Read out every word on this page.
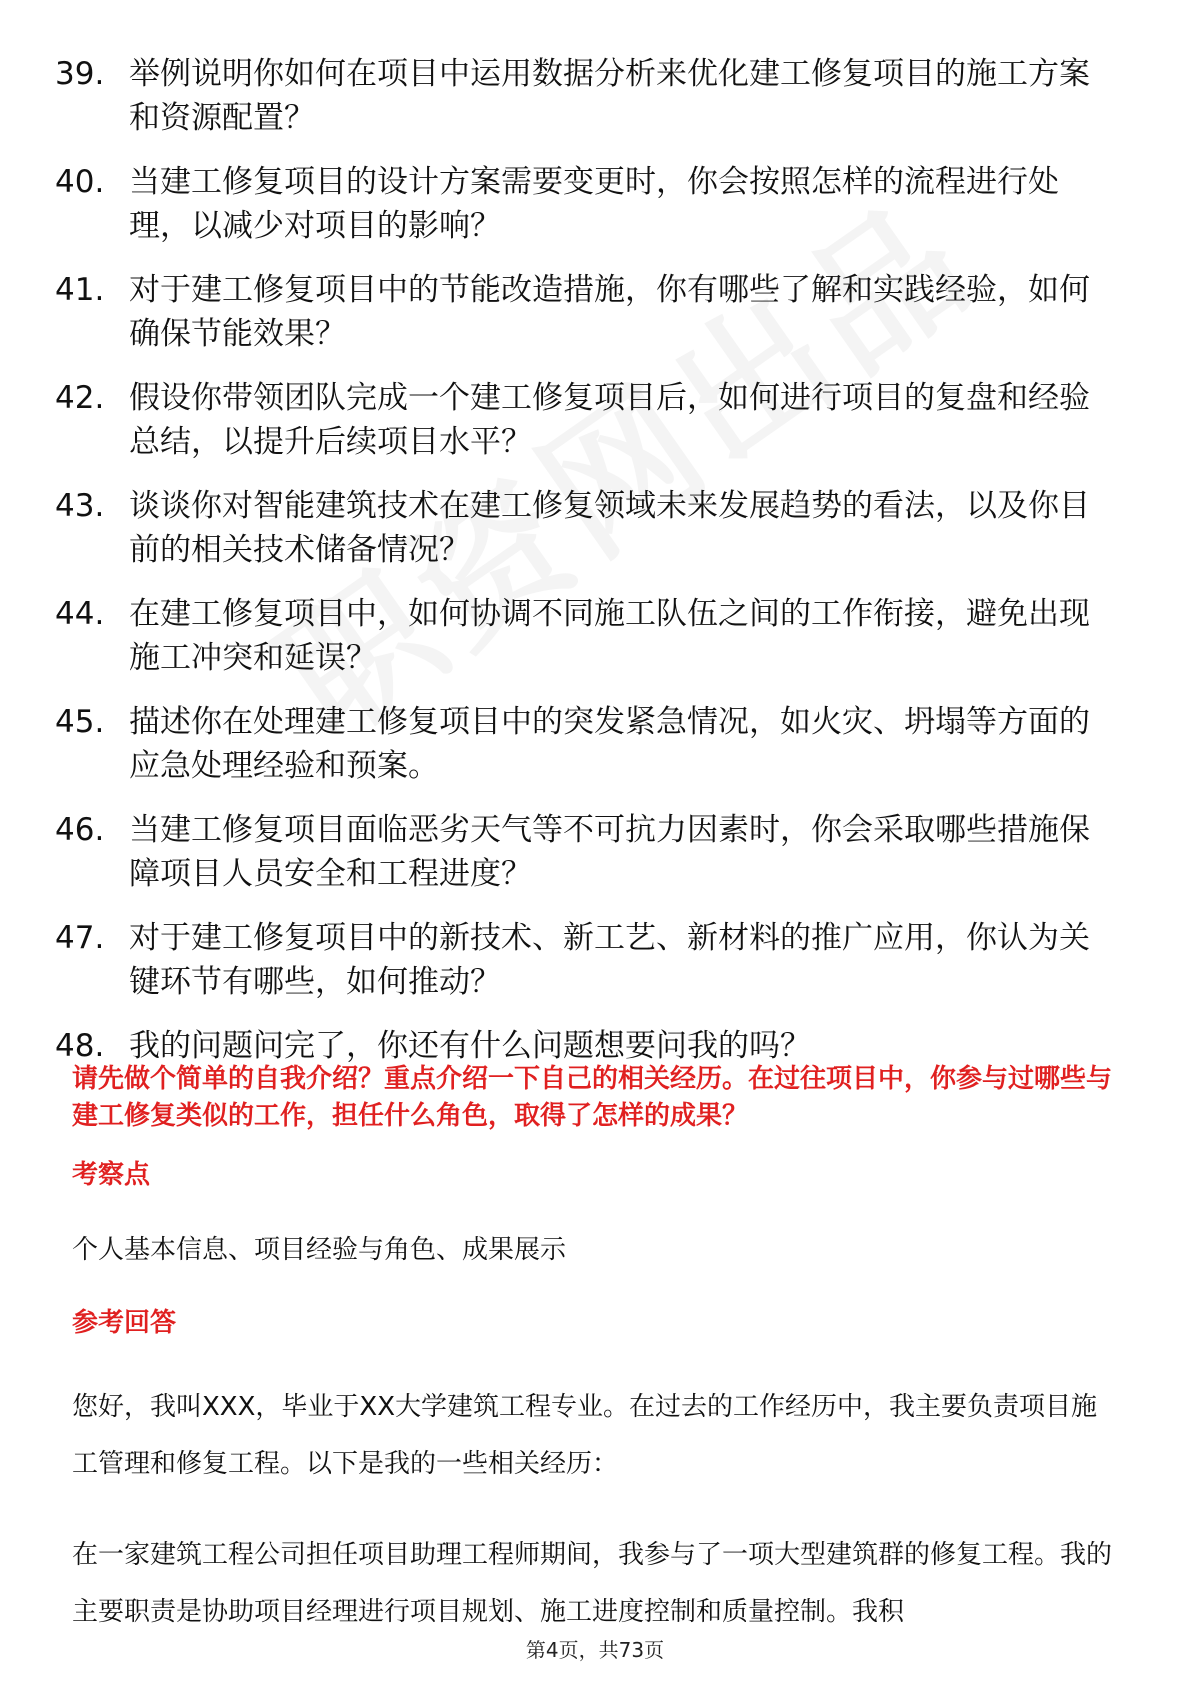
39. 举例说明你如何在项目中运用数据分析来优化建工修复项目的施工方案和资源配置？
40. 当建工修复项目的设计方案需要变更时，你会按照怎样的流程进行处理，以减少对项目的影响？
41. 对于建工修复项目中的节能改造措施，你有哪些了解和实践经验，如何确保节能效果？
42. 假设你带领团队完成一个建工修复项目后，如何进行项目的复盘和经验总结，以提升后续项目水平？
43. 谈谈你对智能建筑技术在建工修复领域未来发展趋势的看法，以及你目前的相关技术储备情况？
44. 在建工修复项目中，如何协调不同施工队伍之间的工作衔接，避免出现施工冲突和延误？
45. 描述你在处理建工修复项目中的突发紧急情况，如火灾、坍塌等方面的应急处理经验和预案。
46. 当建工修复项目面临恶劣天气等不可抗力因素时，你会采取哪些措施保障项目人员安全和工程进度？
47. 对于建工修复项目中的新技术、新工艺、新材料的推广应用，你认为关键环节有哪些，如何推动？
48. 我的问题问完了，你还有什么问题想要问我的吗？
请先做个简单的自我介绍？重点介绍一下自己的相关经历。在过往项目中，你参与过哪些与建工修复类似的工作，担任什么角色，取得了怎样的成果？
考察点
个人基本信息、项目经验与角色、成果展示
参考回答

您好，我叫XXX，毕业于XX大学建筑工程专业。在过去的工作经历中，我主要负责项目施工管理和修复工程。以下是我的一些相关经历：

在一家建筑工程公司担任项目助理工程师期间，我参与了一项大型建筑群的修复工程。我的主要职责是协助项目经理进行项目规划、施工进度控制和质量控制。我积

第4页，共73页
